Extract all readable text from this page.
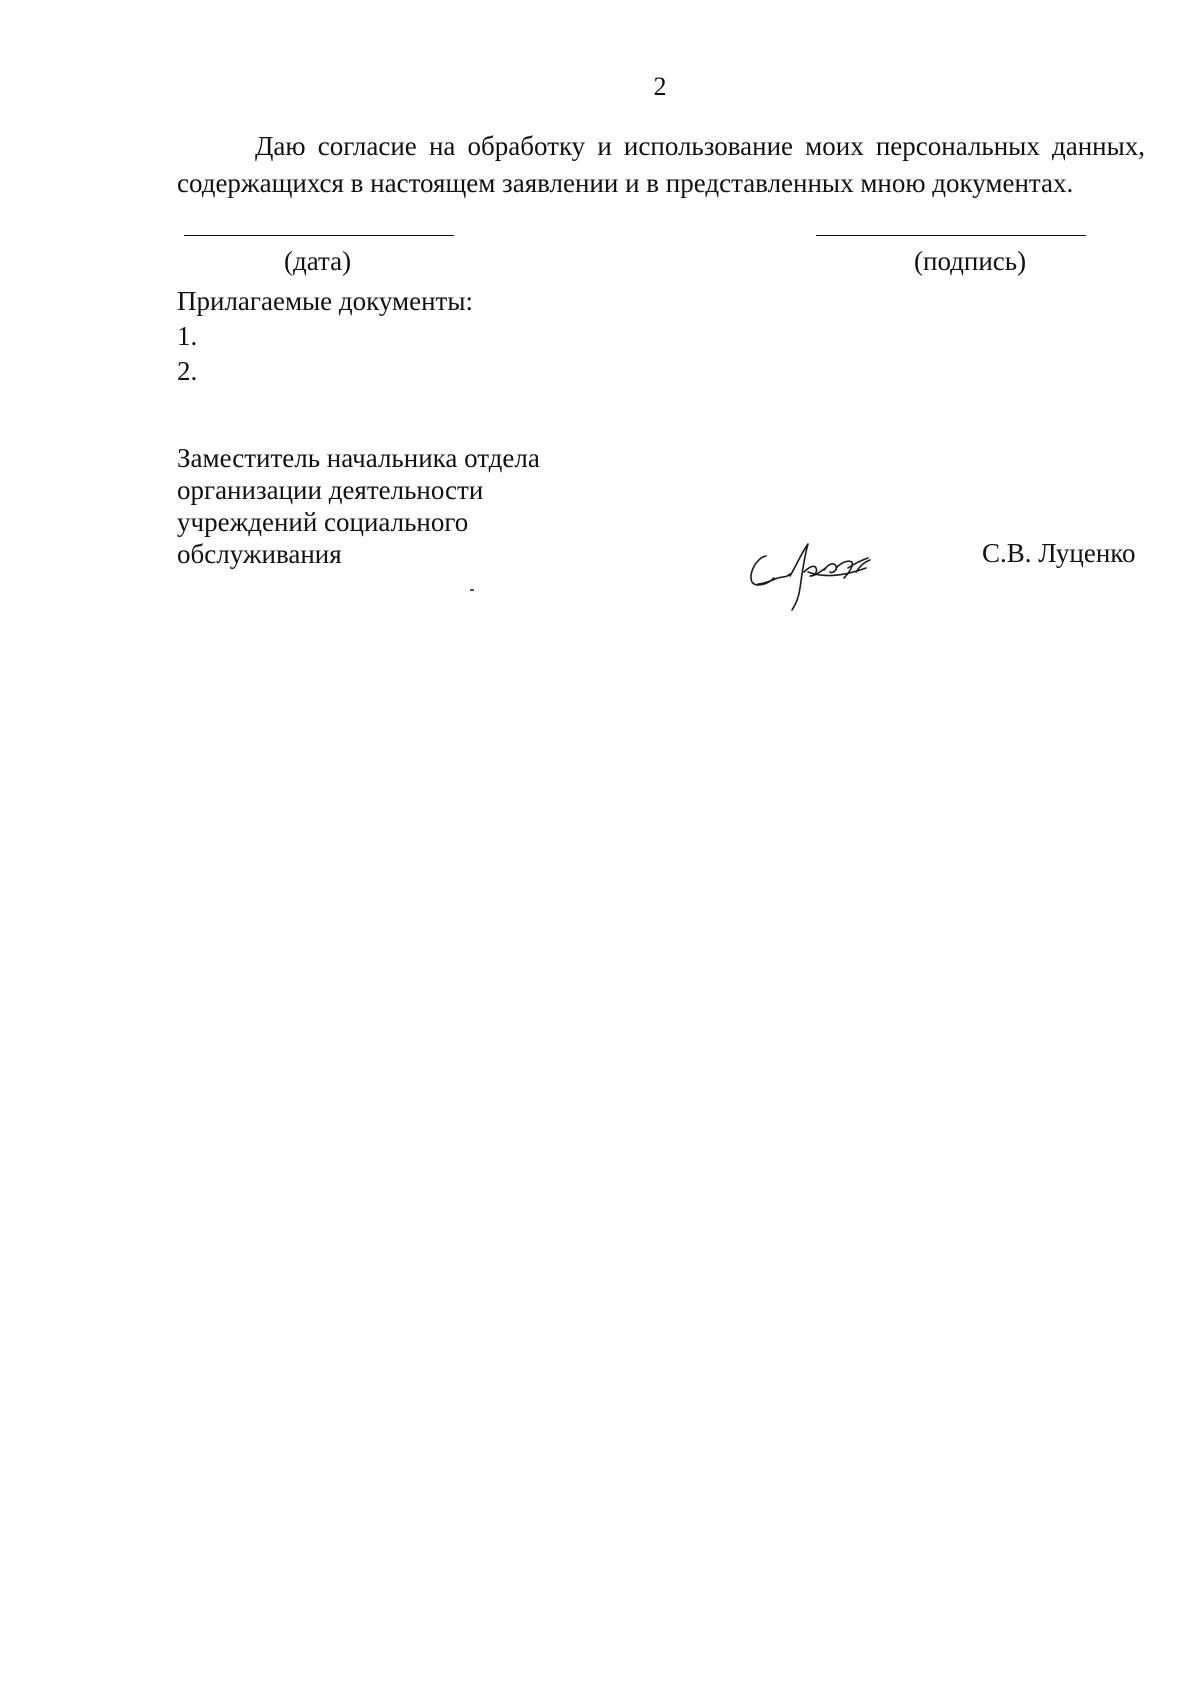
2

Даю согласие на обработку и использование моих персональных данных, содержащихся в настоящем заявлении и в представленных мною документах.

(дата)	(подпись)
Прилагаемые документы:
1.
2.
Заместитель начальника отдела
организации деятельности
учреждений социального
обслуживания	С.В. Луценко
